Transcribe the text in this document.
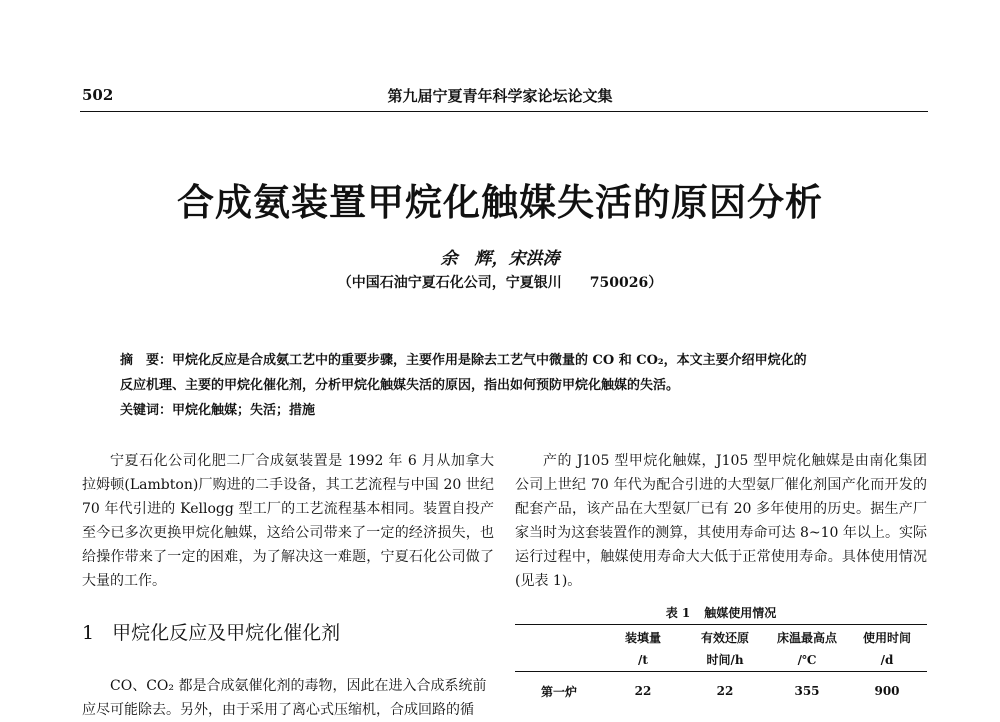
502	第九届宁夏青年科学家论坛论文集
合成氨装置甲烷化触媒失活的原因分析
余　辉，宋洪涛
（中国石油宁夏石化公司，宁夏银川　　750026）

摘　要：甲烷化反应是合成氨工艺中的重要步骤，主要作用是除去工艺气中微量的 CO 和 CO₂，本文主要介绍甲烷化的

反应机理、主要的甲烷化催化剂，分析甲烷化触媒失活的原因，指出如何预防甲烷化触媒的失活。

关键词：甲烷化触媒；失活；措施

宁夏石化公司化肥二厂合成氨装置是 1992 年 6 月从加拿大拉姆顿(Lambton)厂购进的二手设备，其工艺流程与中国 20 世纪 70 年代引进的 Kellogg 型工厂的工艺流程基本相同。装置自投产至今已多次更换甲烷化触媒，这给公司带来了一定的经济损失，也给操作带来了一定的困难，为了解决这一难题，宁夏石化公司做了大量的工作。

产的 J105 型甲烷化触媒，J105 型甲烷化触媒是由南化集团公司上世纪 70 年代为配合引进的大型氨厂催化剂国产化而开发的配套产品，该产品在大型氨厂已有 20 多年使用的历史。据生产厂家当时为这套装置作的测算，其使用寿命可达 8~10 年以上。实际运行过程中，触媒使用寿命大大低于正常使用寿命。具体使用情况(见表 1)。

1 甲烷化反应及甲烷化催化剂

CO、CO₂ 都是合成氨催化剂的毒物，因此在进入合成系统前应尽可能除去。另外，由于采用了离心式压缩机，合成回路的循

表 1 触媒使用情况
	装填量	有效还原	床温最高点	使用时间
	/t	时间/h	/℃	/d
第一炉	22	22	355	900
